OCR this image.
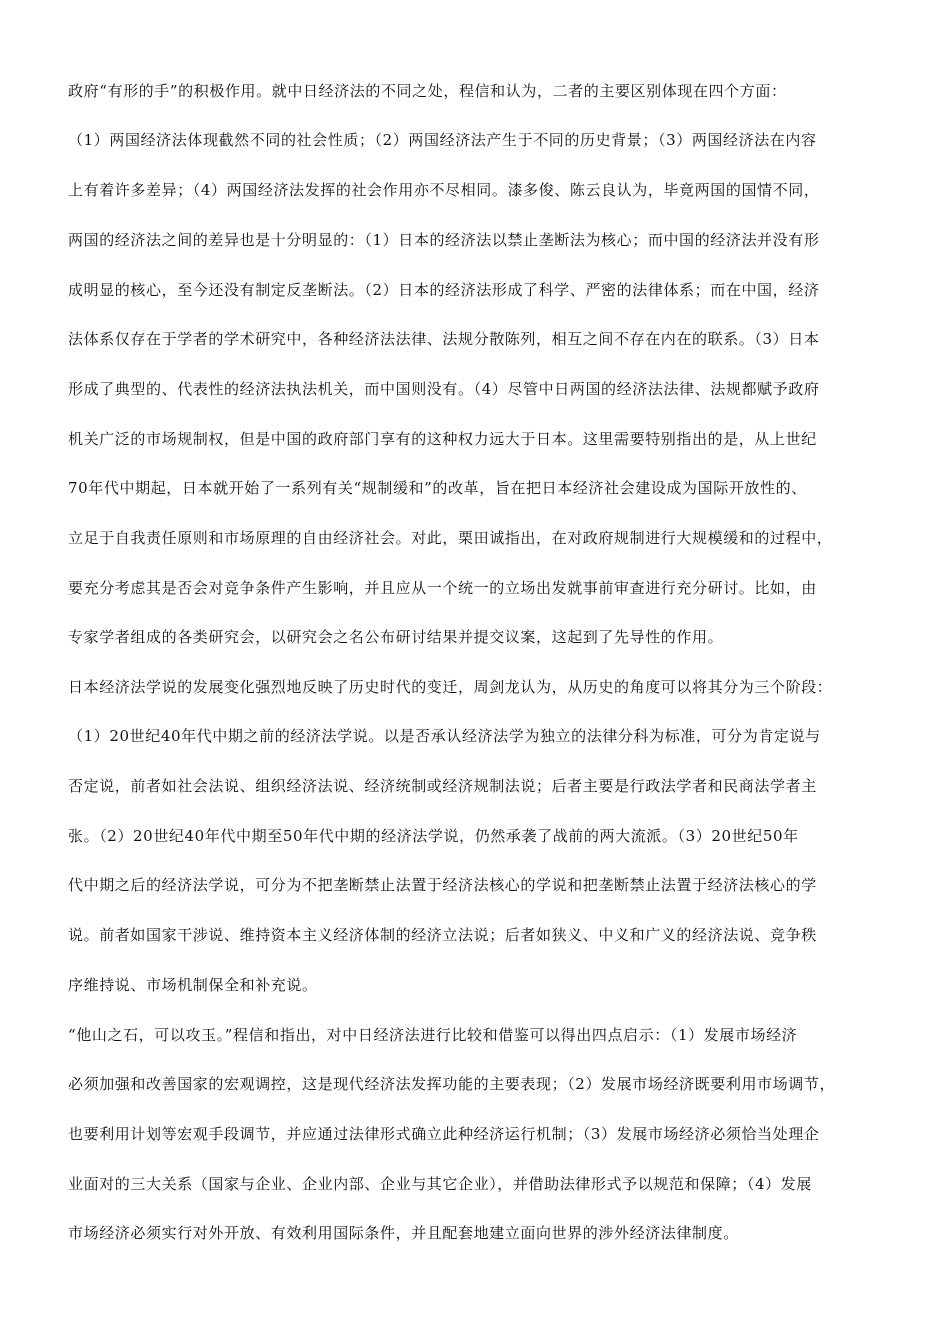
政府“有形的手”的积极作用。就中日经济法的不同之处，程信和认为，二者的主要区别体现在四个方面：
（1）两国经济法体现截然不同的社会性质；（2）两国经济法产生于不同的历史背景；（3）两国经济法在内容
上有着许多差异；（4）两国经济法发挥的社会作用亦不尽相同。漆多俊、陈云良认为，毕竟两国的国情不同，
两国的经济法之间的差异也是十分明显的：（1）日本的经济法以禁止垄断法为核心；而中国的经济法并没有形
成明显的核心，至今还没有制定反垄断法。（2）日本的经济法形成了科学、严密的法律体系；而在中国，经济
法体系仅存在于学者的学术研究中，各种经济法法律、法规分散陈列，相互之间不存在内在的联系。（3）日本
形成了典型的、代表性的经济法执法机关，而中国则没有。（4）尽管中日两国的经济法法律、法规都赋予政府
机关广泛的市场规制权，但是中国的政府部门享有的这种权力远大于日本。这里需要特别指出的是，从上世纪
70年代中期起，日本就开始了一系列有关“规制缓和”的改革，旨在把日本经济社会建设成为国际开放性的、
立足于自我责任原则和市场原理的自由经济社会。对此，栗田诚指出，在对政府规制进行大规模缓和的过程中，
要充分考虑其是否会对竞争条件产生影响，并且应从一个统一的立场出发就事前审查进行充分研讨。比如，由
专家学者组成的各类研究会，以研究会之名公布研讨结果并提交议案，这起到了先导性的作用。
日本经济法学说的发展变化强烈地反映了历史时代的变迁，周剑龙认为，从历史的角度可以将其分为三个阶段：
（1）20世纪40年代中期之前的经济法学说。以是否承认经济法学为独立的法律分科为标准，可分为肯定说与
否定说，前者如社会法说、组织经济法说、经济统制或经济规制法说；后者主要是行政法学者和民商法学者主
张。（2）20世纪40年代中期至50年代中期的经济法学说，仍然承袭了战前的两大流派。（3）20世纪50年
代中期之后的经济法学说，可分为不把垄断禁止法置于经济法核心的学说和把垄断禁止法置于经济法核心的学
说。前者如国家干涉说、维持资本主义经济体制的经济立法说；后者如狭义、中义和广义的经济法说、竞争秩
序维持说、市场机制保全和补充说。
“他山之石，可以攻玉。”程信和指出，对中日经济法进行比较和借鉴可以得出四点启示：（1）发展市场经济
必须加强和改善国家的宏观调控，这是现代经济法发挥功能的主要表现；（2）发展市场经济既要利用市场调节，
也要利用计划等宏观手段调节，并应通过法律形式确立此种经济运行机制；（3）发展市场经济必须恰当处理企
业面对的三大关系（国家与企业、企业内部、企业与其它企业），并借助法律形式予以规范和保障；（4）发展
市场经济必须实行对外开放、有效利用国际条件，并且配套地建立面向世界的涉外经济法律制度。
